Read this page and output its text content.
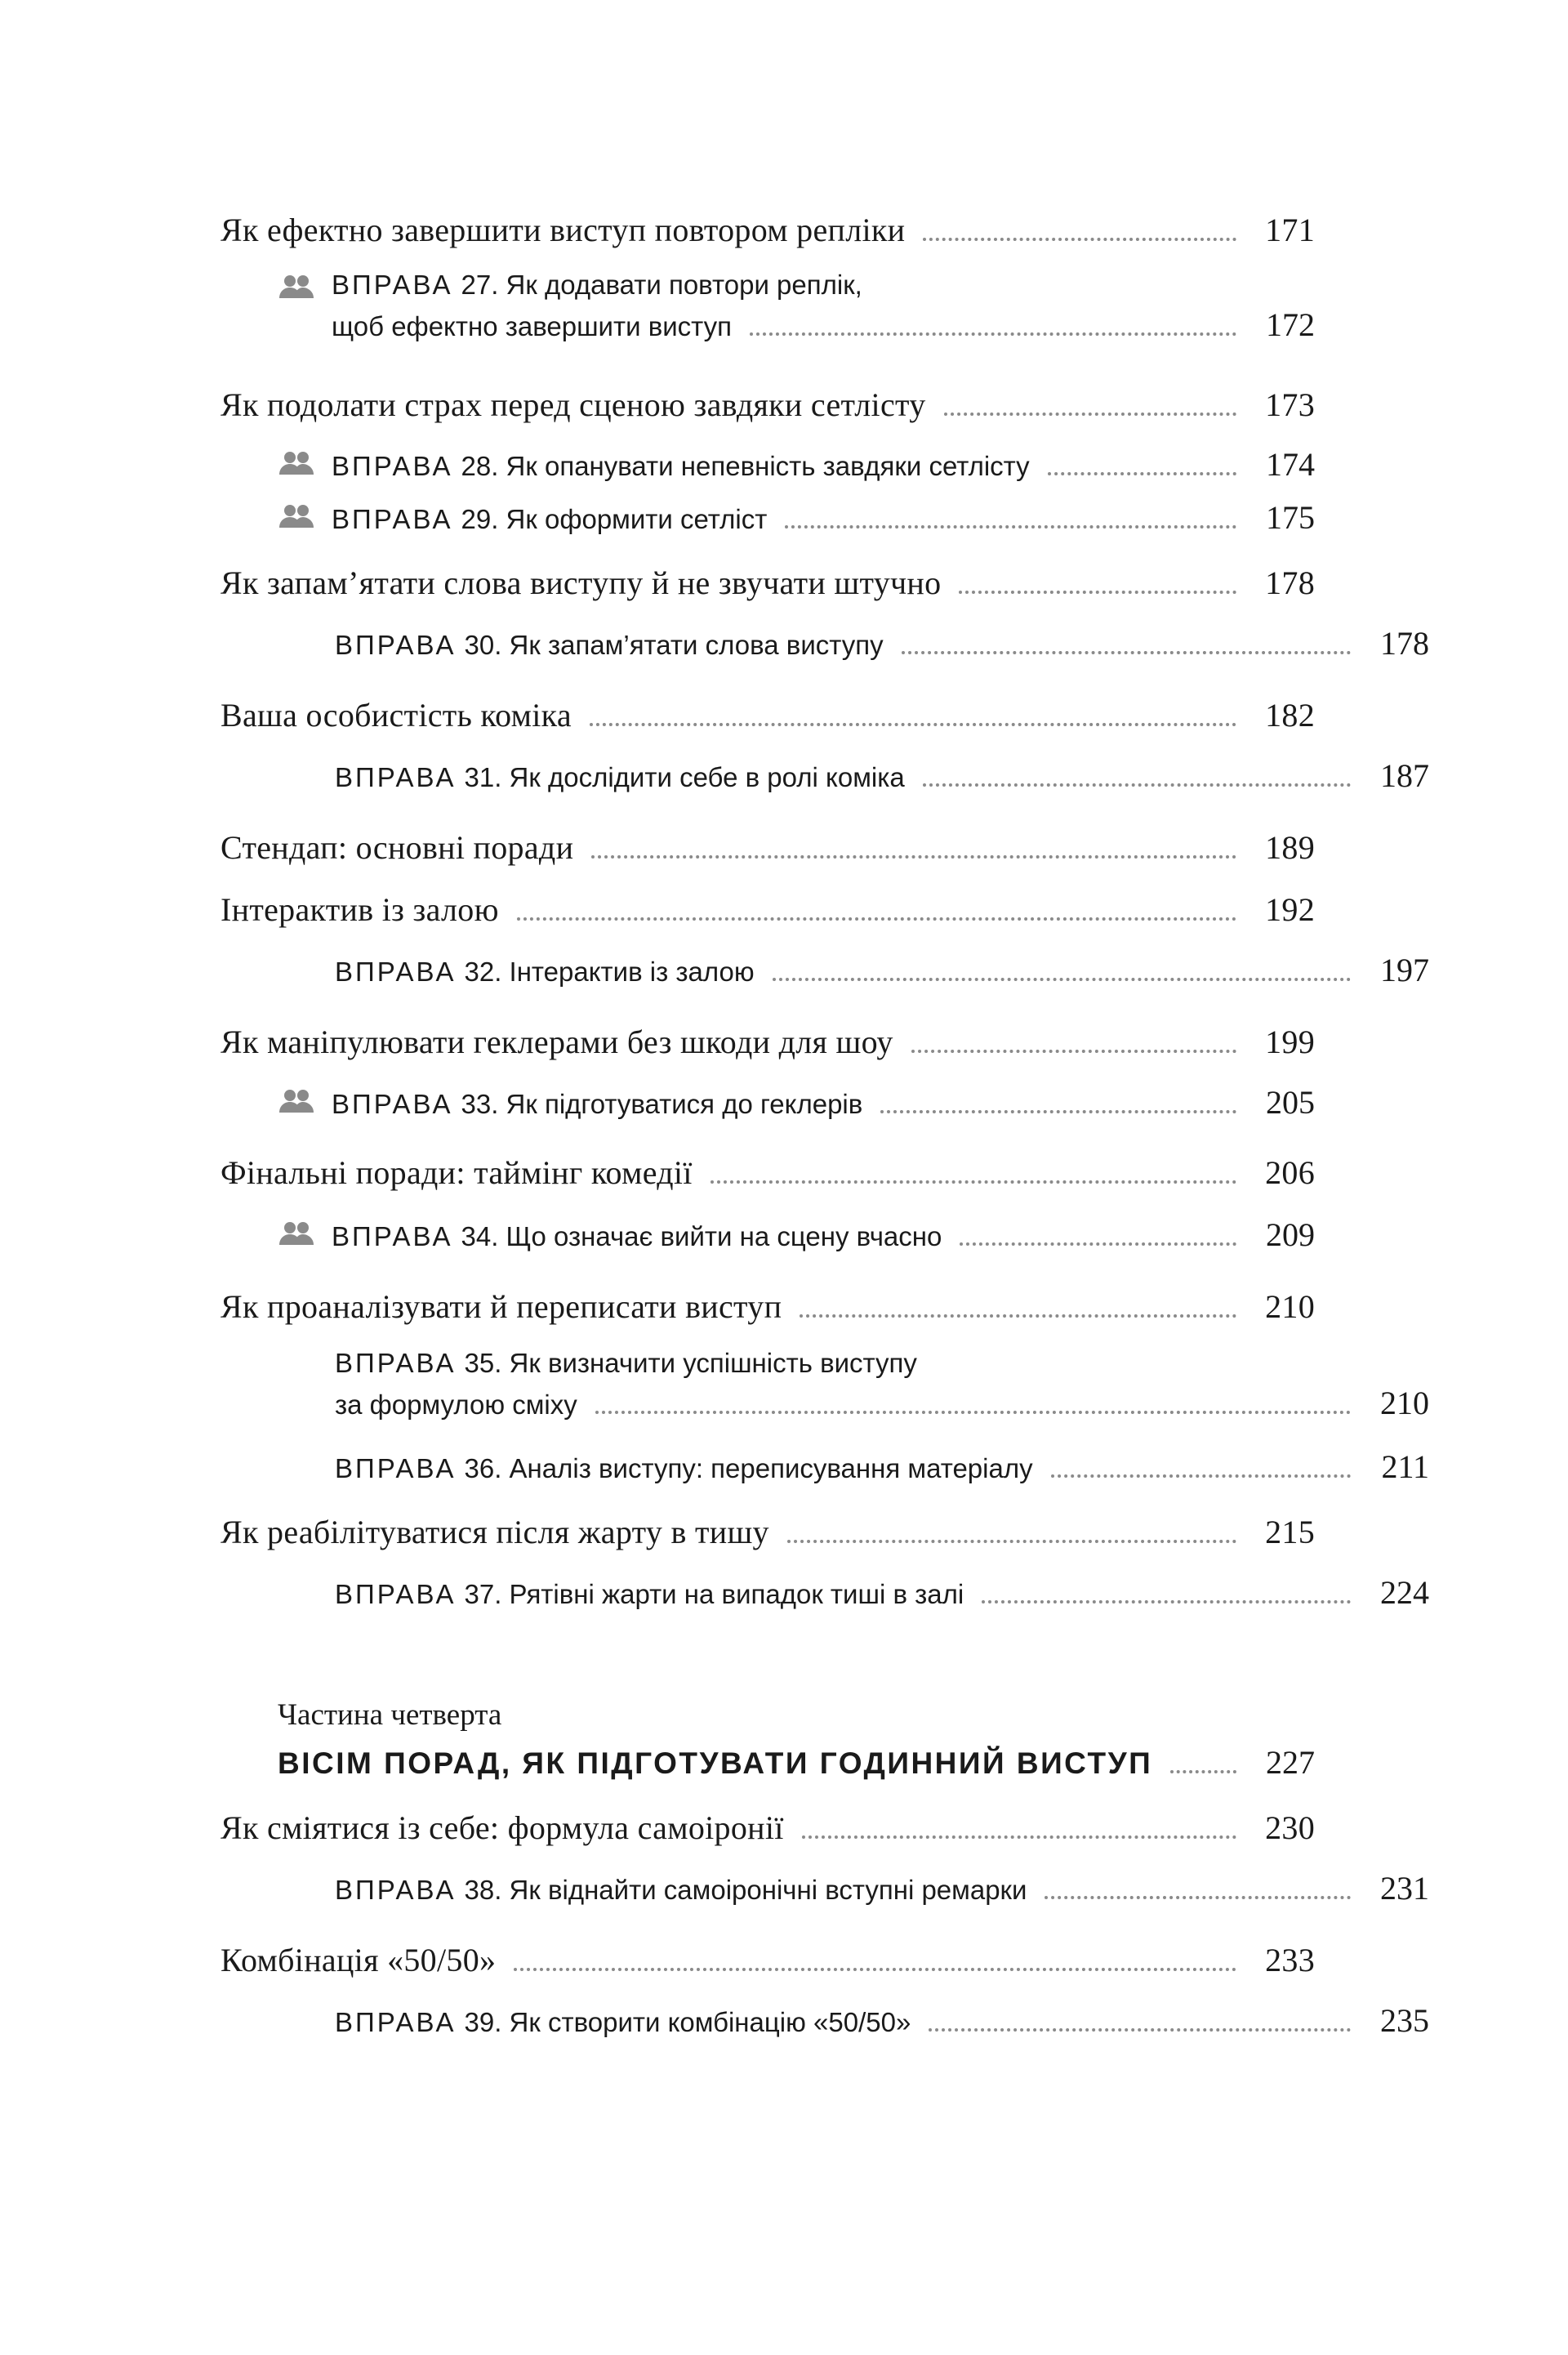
Як ефектно завершити виступ повтором репліки	171
ВПРАВА 27. Як додавати повтори реплік,
щоб ефектно завершити виступ	172
Як подолати страх перед сценою завдяки сетлісту	173
ВПРАВА 28. Як опанувати непевність завдяки сетлісту	174
ВПРАВА 29. Як оформити сетліст	175
Як запам’ятати слова виступу й не звучати штучно	178
ВПРАВА 30. Як запам’ятати слова виступу	178
Ваша особистість коміка	182
ВПРАВА 31. Як дослідити себе в ролі коміка	187
Стендап: основні поради	189
Інтерактив із залою	192
ВПРАВА 32. Інтерактив із залою	197
Як маніпулювати геклерами без шкоди для шоу	199
ВПРАВА 33. Як підготуватися до геклерів	205
Фінальні поради: таймінг комедії	206
ВПРАВА 34. Що означає вийти на сцену вчасно	209
Як проаналізувати й переписати виступ	210
ВПРАВА 35. Як визначити успішність виступу
за формулою сміху	210
ВПРАВА 36. Аналіз виступу: переписування матеріалу	211
Як реабілітуватися після жарту в тишу	215
ВПРАВА 37. Рятівні жарти на випадок тиші в залі	224
Частина четверта
ВІСІМ ПОРАД, ЯК ПІДГОТУВАТИ ГОДИННИЙ ВИСТУП	227
Як сміятися із себе: формула самоіронії	230
ВПРАВА 38. Як віднайти самоіронічні вступні ремарки	231
Комбінація «50/50»	233
ВПРАВА 39. Як створити комбінацію «50/50»	235
